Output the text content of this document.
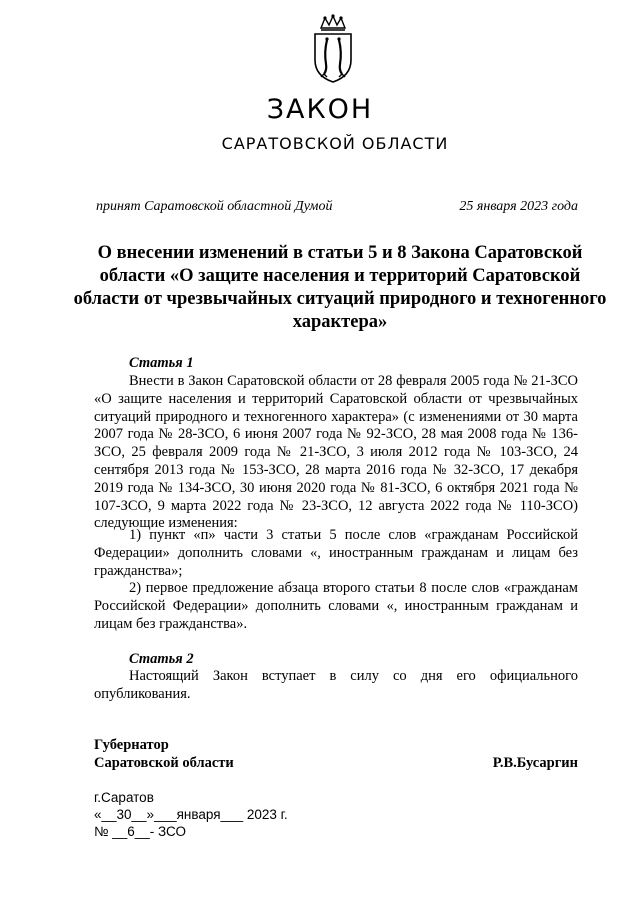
ЗАКОН
САРАТОВСКОЙ ОБЛАСТИ
принят Саратовской областной Думой	25 января 2023 года
О внесении изменений в статьи 5 и 8 Закона Саратовской области «О защите населения и территорий Саратовской области от чрезвычайных ситуаций природного и техногенного характера»
Статья 1

Внести в Закон Саратовской области от 28 февраля 2005 года № 21-ЗСО «О защите населения и территорий Саратовской области от чрезвычайных ситуаций природного и техногенного характера» (с изменениями от 30 марта 2007 года № 28-ЗСО, 6 июня 2007 года № 92-ЗСО, 28 мая 2008 года № 136-ЗСО, 25 февраля 2009 года № 21-ЗСО, 3 июля 2012 года № 103-ЗСО, 24 сентября 2013 года № 153-ЗСО, 28 марта 2016 года № 32-ЗСО, 17 декабря 2019 года № 134-ЗСО, 30 июня 2020 года № 81-ЗСО, 6 октября 2021 года № 107-ЗСО, 9 марта 2022 года № 23-ЗСО, 12 августа 2022 года № 110-ЗСО) следующие изменения:

1) пункт «п» части 3 статьи 5 после слов «гражданам Российской Федерации» дополнить словами «, иностранным гражданам и лицам без гражданства»;

2) первое предложение абзаца второго статьи 8 после слов «гражданам Российской Федерации» дополнить словами «, иностранным гражданам и лицам без гражданства».

Статья 2

Настоящий Закон вступает в силу со дня его официального опубликования.

Губернатор
Саратовской области	Р.В.Бусаргин
г.Саратов
«__30__»___января___ 2023 г.
№ __6__- ЗСО
